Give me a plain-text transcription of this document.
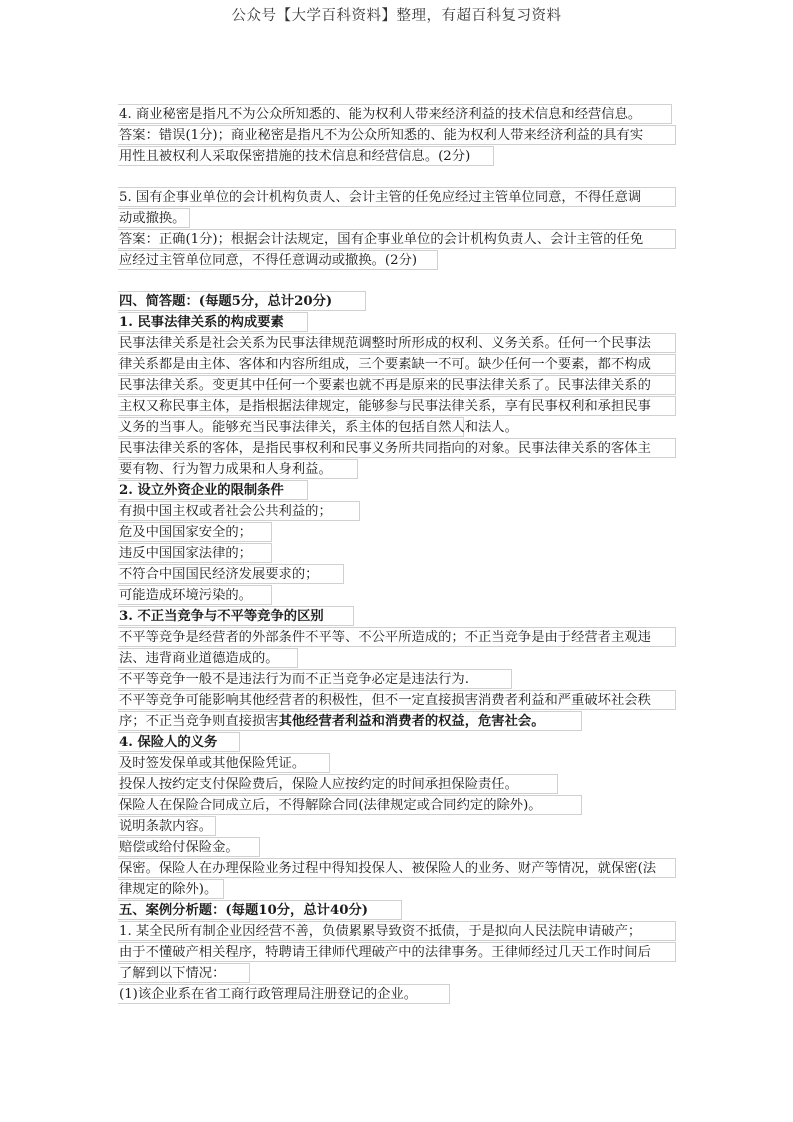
公众号【大学百科资料】整理，有超百科复习资料
4. 商业秘密是指凡不为公众所知悉的、能为权利人带来经济利益的技术信息和经营信息。
答案：错误(1分)；商业秘密是指凡不为公众所知悉的、能为权利人带来经济利益的具有实
用性且被权利人采取保密措施的技术信息和经营信息。(2分)
5. 国有企事业单位的会计机构负责人、会计主管的任免应经过主管单位同意，不得任意调
动或撤换。
答案：正确(1分)；根据会计法规定，国有企事业单位的会计机构负责人、会计主管的任免
应经过主管单位同意，不得任意调动或撤换。(2分)
四、简答题：(每题5分，总计20分)
1. 民事法律关系的构成要素
民事法律关系是社会关系为民事法律规范调整时所形成的权利、义务关系。任何一个民事法
律关系都是由主体、客体和内容所组成，三个要素缺一不可。缺少任何一个要素，都不构成
民事法律关系。变更其中任何一个要素也就不再是原来的民事法律关系了。民事法律关系的
主权又称民事主体，是指根据法律规定，能够参与民事法律关系，享有民事权利和承担民事
义务的当事人。能够充当民事法律关，系主体的包括自然人和法人。
民事法律关系的客体，是指民事权利和民事义务所共同指向的对象。民事法律关系的客体主
要有物、行为智力成果和人身利益。
2. 设立外资企业的限制条件
有损中国主权或者社会公共利益的；
危及中国国家安全的；
违反中国国家法律的；
不符合中国国民经济发展要求的；
可能造成环境污染的。
3. 不正当竞争与不平等竞争的区别
不平等竞争是经营者的外部条件不平等、不公平所造成的；不正当竞争是由于经营者主观违
法、违背商业道德造成的。
不平等竞争一般不是违法行为而不正当竞争必定是违法行为.
不平等竞争可能影响其他经营者的积极性，但不一定直接损害消费者利益和严重破坏社会秩
序；不正当竞争则直接损害其他经营者利益和消费者的权益，危害社会。
4. 保险人的义务
及时签发保单或其他保险凭证。
投保人按约定支付保险费后，保险人应按约定的时间承担保险责任。
保险人在保险合同成立后，不得解除合同(法律规定或合同约定的除外)。
说明条款内容。
赔偿或给付保险金。
保密。保险人在办理保险业务过程中得知投保人、被保险人的业务、财产等情况，就保密(法
律规定的除外)。
五、案例分析题：(每题10分，总计40分)
1. 某全民所有制企业因经营不善，负债累累导致资不抵债，于是拟向人民法院申请破产；
由于不懂破产相关程序，特聘请王律师代理破产中的法律事务。王律师经过几天工作时间后
了解到以下情况：
(1)该企业系在省工商行政管理局注册登记的企业。
